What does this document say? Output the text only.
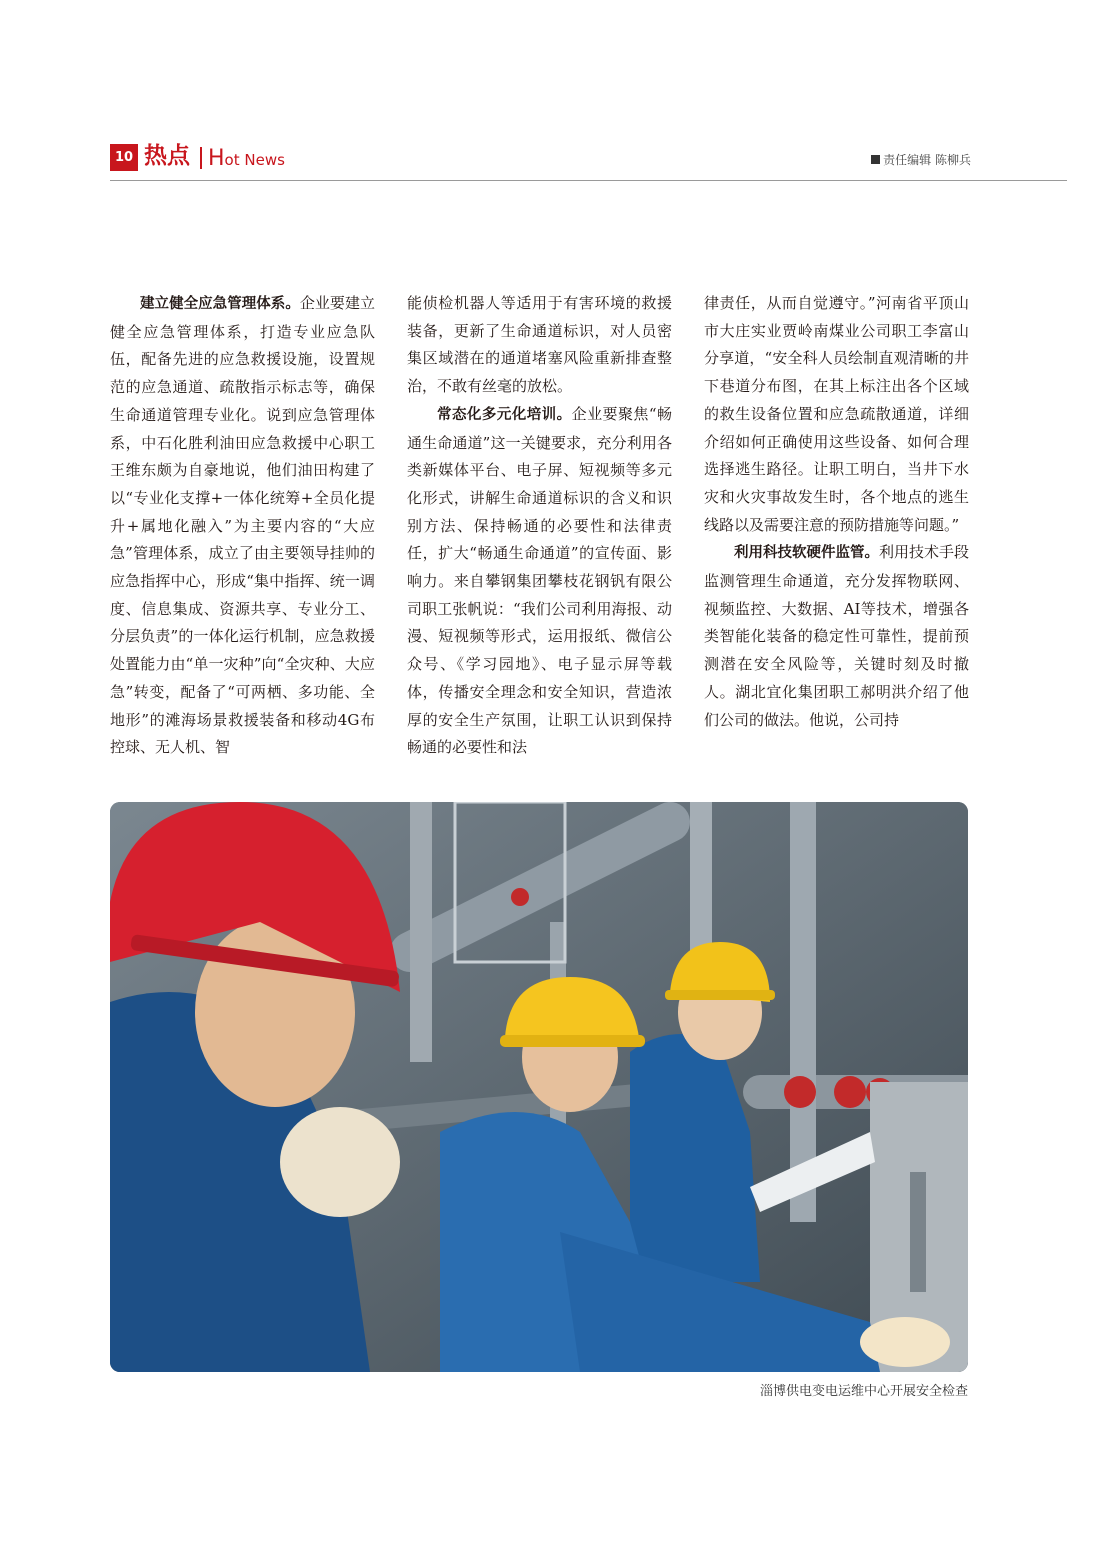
10 热点 Hot News	责任编辑 陈柳兵

建立健全应急管理体系。企业要建立健全应急管理体系，打造专业应急队伍，配备先进的应急救援设施，设置规范的应急通道、疏散指示标志等，确保生命通道管理专业化。说到应急管理体系，中石化胜利油田应急救援中心职工王维东颇为自豪地说，他们油田构建了以“专业化支撑+一体化统筹+全员化提升+属地化融入”为主要内容的“大应急”管理体系，成立了由主要领导挂帅的应急指挥中心，形成“集中指挥、统一调度、信息集成、资源共享、专业分工、分层负责”的一体化运行机制，应急救援处置能力由“单一灾种”向“全灾种、大应急”转变，配备了“可两栖、多功能、全地形”的滩海场景救援装备和移动4G布控球、无人机、智

能侦检机器人等适用于有害环境的救援装备，更新了生命通道标识，对人员密集区域潜在的通道堵塞风险重新排查整治，不敢有丝毫的放松。

常态化多元化培训。企业要聚焦“畅通生命通道”这一关键要求，充分利用各类新媒体平台、电子屏、短视频等多元化形式，讲解生命通道标识的含义和识别方法、保持畅通的必要性和法律责任，扩大“畅通生命通道”的宣传面、影响力。来自攀钢集团攀枝花钢钒有限公司职工张帆说：“我们公司利用海报、动漫、短视频等形式，运用报纸、微信公众号、《学习园地》、电子显示屏等载体，传播安全理念和安全知识，营造浓厚的安全生产氛围，让职工认识到保持畅通的必要性和法

律责任，从而自觉遵守。”河南省平顶山市大庄实业贾岭南煤业公司职工李富山分享道，“安全科人员绘制直观清晰的井下巷道分布图，在其上标注出各个区域的救生设备位置和应急疏散通道，详细介绍如何正确使用这些设备、如何合理选择逃生路径。让职工明白，当井下水灾和火灾事故发生时，各个地点的逃生线路以及需要注意的预防措施等问题。”

利用科技软硬件监管。利用技术手段监测管理生命通道，充分发挥物联网、视频监控、大数据、AI等技术，增强各类智能化装备的稳定性可靠性，提前预测潜在安全风险等，关键时刻及时撤人。湖北宜化集团职工郝明洪介绍了他们公司的做法。他说，公司持

淄博供电变电运维中心开展安全检查
